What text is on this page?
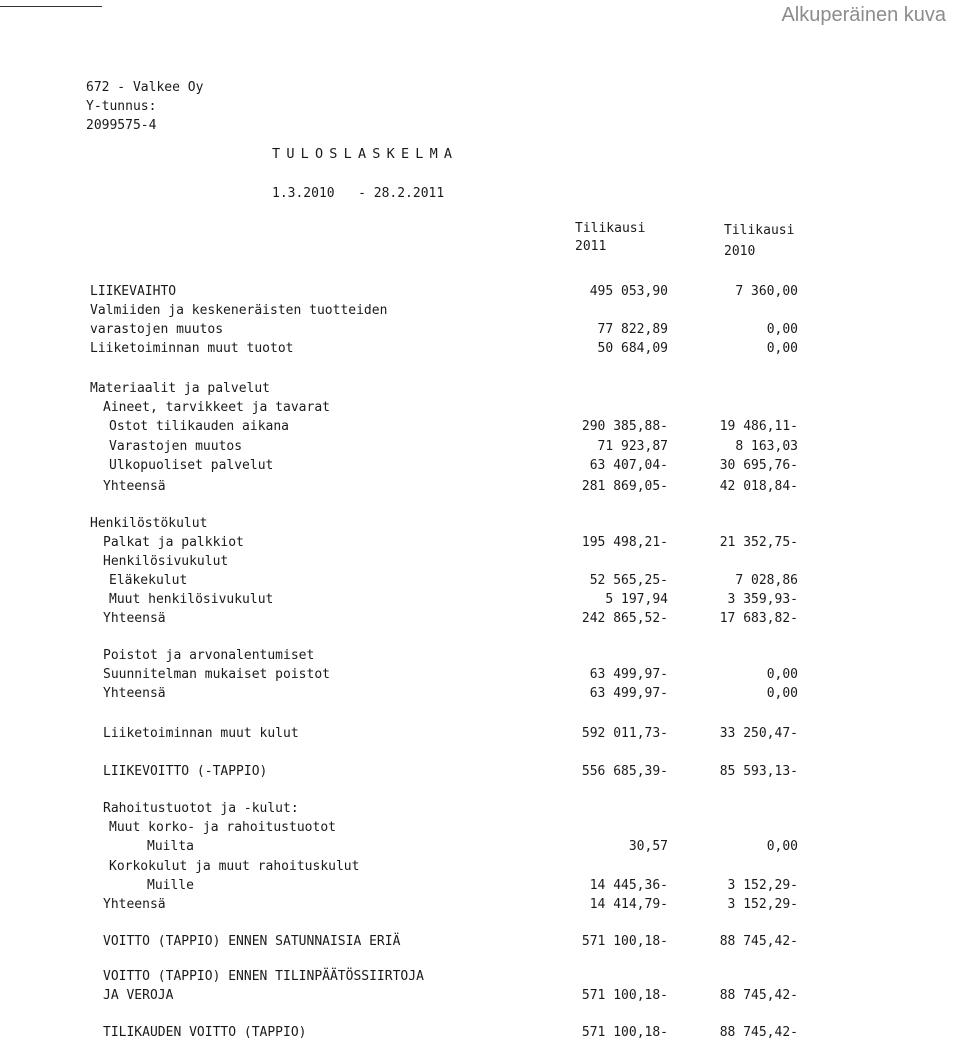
Alkuperäinen kuva
672 - Valkee Oy
Y-tunnus:
2099575-4
TULOSLASKELMA
1.3.2010   - 28.2.2011
Tilikausi
2011
Tilikausi
2010
LIIKEVAIHTO	495 053,90	7 360,00
Valmiiden ja keskeneräisten tuotteiden
varastojen muutos	77 822,89	0,00
Liiketoiminnan muut tuotot	50 684,09	0,00
Materiaalit ja palvelut
Aineet, tarvikkeet ja tavarat
Ostot tilikauden aikana	290 385,88-	19 486,11-
Varastojen muutos	71 923,87	8 163,03
Ulkopuoliset palvelut	63 407,04-	30 695,76-
Yhteensä	281 869,05-	42 018,84-
Henkilöstökulut
Palkat ja palkkiot	195 498,21-	21 352,75-
Henkilösivukulut
Eläkekulut	52 565,25-	7 028,86
Muut henkilösivukulut	5 197,94	3 359,93-
Yhteensä	242 865,52-	17 683,82-
Poistot ja arvonalentumiset
Suunnitelman mukaiset poistot	63 499,97-	0,00
Yhteensä	63 499,97-	0,00
Liiketoiminnan muut kulut	592 011,73-	33 250,47-
LIIKEVOITTO (-TAPPIO)	556 685,39-	85 593,13-
Rahoitustuotot ja -kulut:
Muut korko- ja rahoitustuotot
Muilta	30,57	0,00
Korkokulut ja muut rahoituskulut
Muille	14 445,36-	3 152,29-
Yhteensä	14 414,79-	3 152,29-
VOITTO (TAPPIO) ENNEN SATUNNAISIA ERIÄ	571 100,18-	88 745,42-
VOITTO (TAPPIO) ENNEN TILINPÄÄTÖSSIIRTOJA
JA VEROJA	571 100,18-	88 745,42-
TILIKAUDEN VOITTO (TAPPIO)	571 100,18-	88 745,42-
